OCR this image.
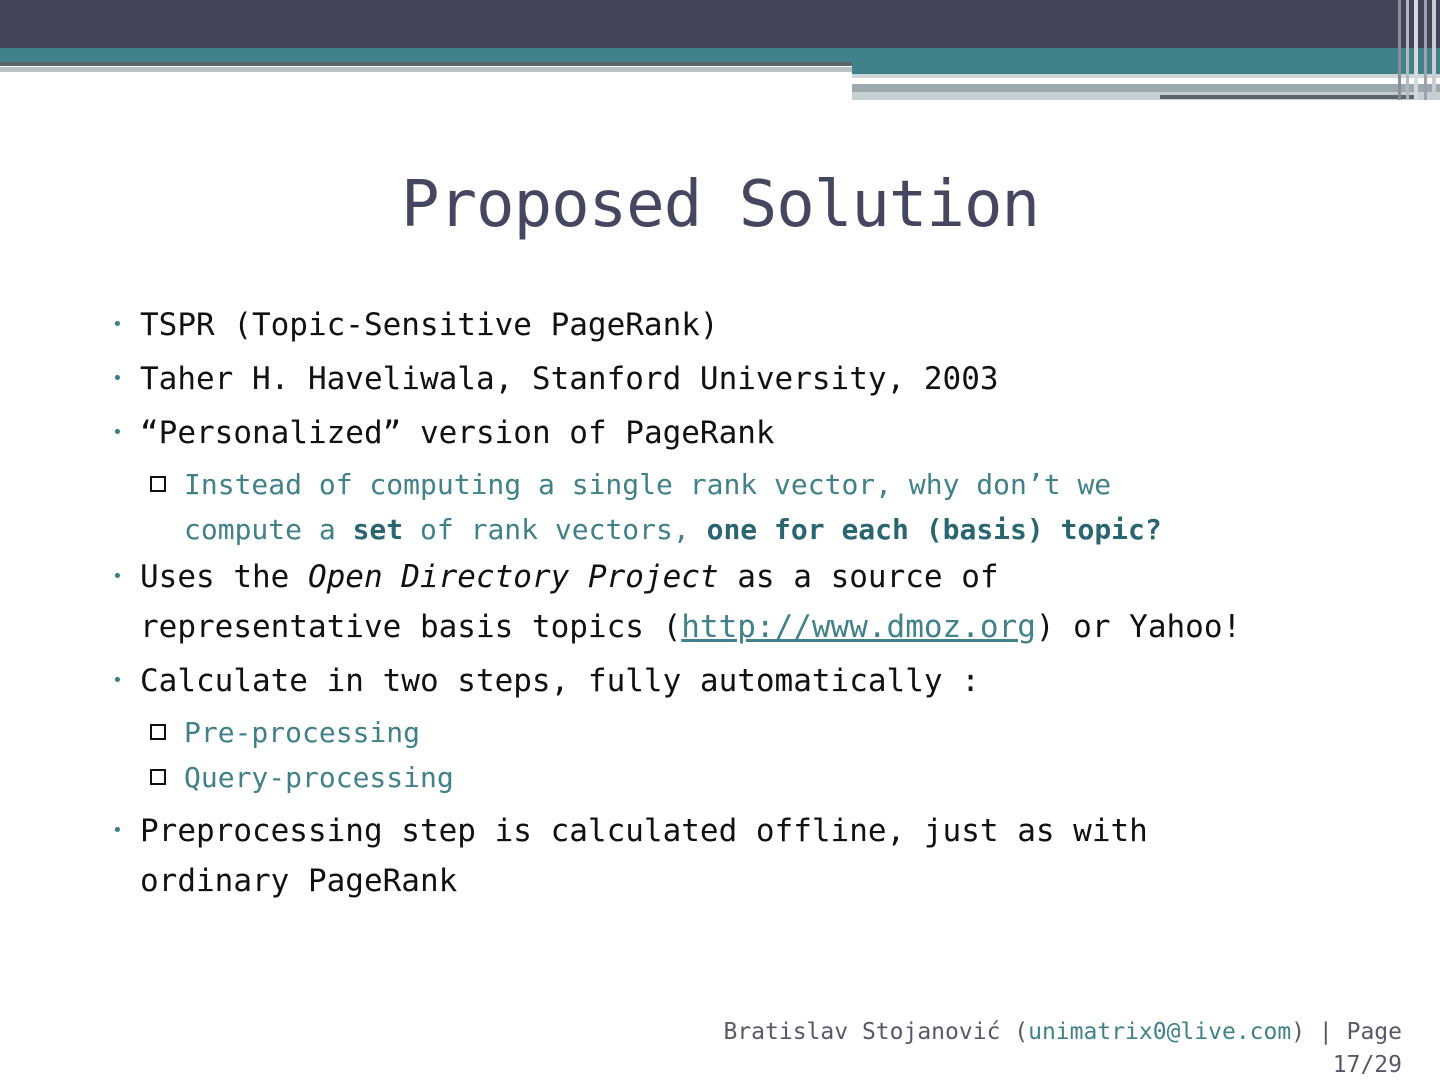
Proposed Solution
• TSPR (Topic-Sensitive PageRank)
• Taher H. Haveliwala, Stanford University, 2003
• “Personalized” version of PageRank
Instead of computing a single rank vector, why don’t we
compute a set of rank vectors, one for each (basis) topic?
• Uses the Open Directory Project as a source of
representative basis topics (http://www.dmoz.org) or Yahoo!
• Calculate in two steps, fully automatically :
Pre-processing
Query-processing
• Preprocessing step is calculated offline, just as with
ordinary PageRank
Bratislav Stojanović (unimatrix0@live.com) | Page
17/29
